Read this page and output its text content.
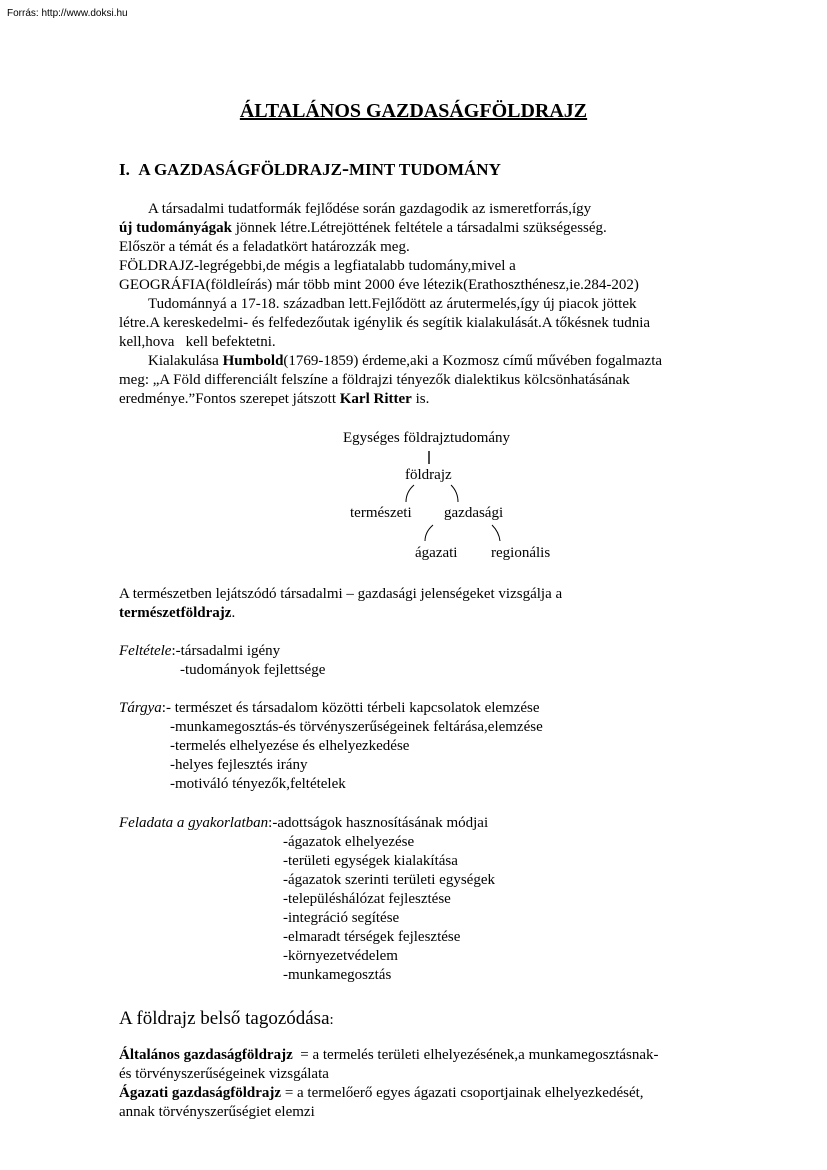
Forrás: http://www.doksi.hu
ÁLTALÁNOS GAZDASÁGFÖLDRAJZ
I. A GAZDASÁGFÖLDRAJZ-MINT TUDOMÁNY
A társadalmi tudatformák fejlődése során gazdagodik az ismeretforrás,így
új tudományágak jönnek létre.Létrejöttének feltétele a társadalmi szükségesség.
Először a témát és a feladatkört határozzák meg.
FÖLDRAJZ-legrégebbi,de mégis a legfiatalabb tudomány,mivel a
GEOGRÁFIA(földleírás) már több mint 2000 éve létezik(Erathoszthénesz,ie.284-202)
Tudománnyá a 17-18. században lett.Fejlődött az árutermelés,így új piacok jöttek
létre.A kereskedelmi- és felfedezőutak igénylik és segítik kialakulását.A tőkésnek tudnia
kell,hova   kell befektetni.
Kialakulása Humbold(1769-1859) érdeme,aki a Kozmosz című művében fogalmazta
meg: „A Föld differenciált felszíne a földrajzi tényezők dialektikus kölcsönhatásának
eredménye.”Fontos szerepet játszott Karl Ritter is.
Egységes földrajztudomány
földrajz
természeti gazdasági
ágazati regionális
A természetben lejátszódó társadalmi – gazdasági jelenségeket vizsgálja a
természetföldrajz.
Feltétele:-társadalmi igény
-tudományok fejlettsége
Tárgya:- természet és társadalom közötti térbeli kapcsolatok elemzése
-munkamegosztás-és törvényszerűségeinek feltárása,elemzése
-termelés elhelyezése és elhelyezkedése
-helyes fejlesztés irány
-motiváló tényezők,feltételek
Feladata a gyakorlatban:-adottságok hasznosításának módjai
-ágazatok elhelyezése
-területi egységek kialakítása
-ágazatok szerinti területi egységek
-településhálózat fejlesztése
-integráció segítése
-elmaradt térségek fejlesztése
-környezetvédelem
-munkamegosztás
A földrajz belső tagozódása:
Általános gazdaságföldrajz  = a termelés területi elhelyezésének,a munkamegosztásnak-
és törvényszerűségeinek vizsgálata
Ágazati gazdaságföldrajz = a termelőerő egyes ágazati csoportjainak elhelyezkedését,
annak törvényszerűségiet elemzi
